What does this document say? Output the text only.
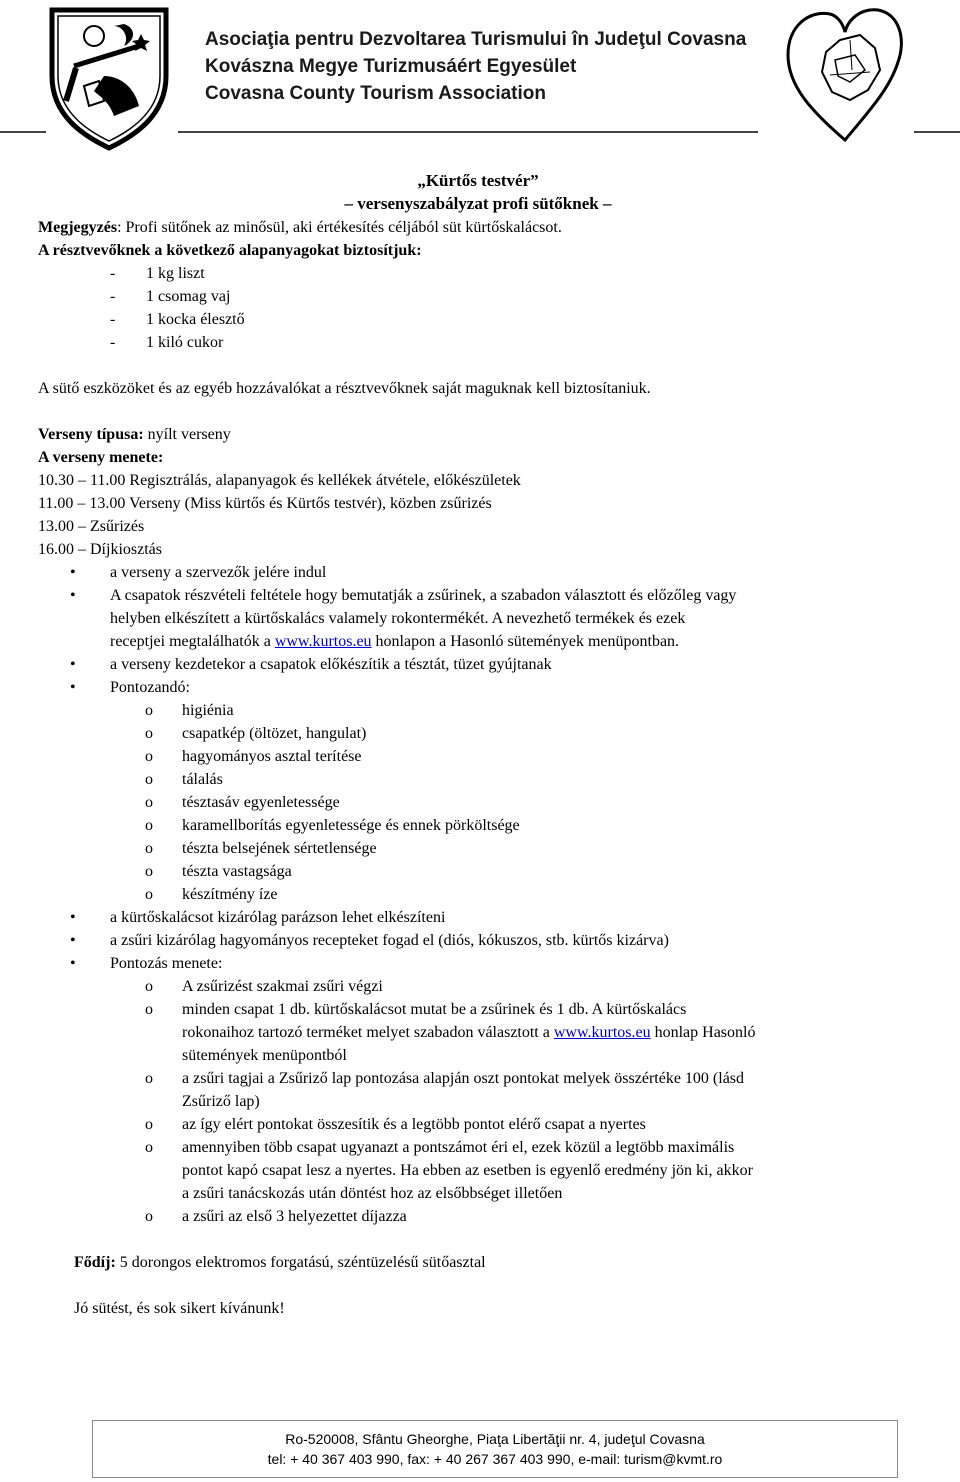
Asociaţia pentru Dezvoltarea Turismului în Judeţul Covasna
Kovászna Megye Turizmusáért Egyesület
Covasna County Tourism Association
„Kürtős testvér”
– versenyszabályzat profi sütőknek –
Megjegyzés: Profi sütőnek az minősül, aki értékesítés céljából süt kürtőskalácsot.
A résztvevőknek a következő alapanyagokat biztosítjuk:
- 1 kg liszt
- 1 csomag vaj
- 1 kocka élesztő
- 1 kiló cukor
A sütő eszközöket és az egyéb hozzávalókat a résztvevőknek saját maguknak kell biztosítaniuk.
Verseny típusa: nyílt verseny
A verseny menete:
10.30 – 11.00 Regisztrálás, alapanyagok és kellékek átvétele, előkészületek
11.00 – 13.00 Verseny (Miss kürtős és Kürtős testvér), közben zsűrizés
13.00 – Zsűrizés
16.00 – Díjkiosztás
• a verseny a szervezők jelére indul
• A csapatok részvételi feltétele hogy bemutatják a zsűrinek, a szabadon választott és előzőleg vagy
helyben elkészített a kürtőskalács valamely rokontermékét. A nevezhető termékek és ezek
receptjei megtalálhatók a www.kurtos.eu honlapon a Hasonló sütemények menüpontban.
• a verseny kezdetekor a csapatok előkészítik a tésztát, tüzet gyújtanak
• Pontozandó:
o higiénia
o csapatkép (öltözet, hangulat)
o hagyományos asztal terítése
o tálalás
o tésztasáv egyenletessége
o karamellborítás egyenletessége és ennek pörköltsége
o tészta belsejének sértetlensége
o tészta vastagsága
o készítmény íze
• a kürtőskalácsot kizárólag parázson lehet elkészíteni
• a zsűri kizárólag hagyományos recepteket fogad el (diós, kókuszos, stb. kürtős kizárva)
• Pontozás menete:
o A zsűrizést szakmai zsűri végzi
o minden csapat 1 db. kürtőskalácsot mutat be a zsűrinek és 1 db. A kürtőskalács
rokonaihoz tartozó terméket melyet szabadon választott a www.kurtos.eu honlap Hasonló
sütemények menüpontból
o a zsűri tagjai a Zsűriző lap pontozása alapján oszt pontokat melyek összértéke 100 (lásd
Zsűriző lap)
o az így elért pontokat összesítik és a legtöbb pontot elérő csapat a nyertes
o amennyiben több csapat ugyanazt a pontszámot éri el, ezek közül a legtöbb maximális
pontot kapó csapat lesz a nyertes. Ha ebben az esetben is egyenlő eredmény jön ki, akkor
a zsűri tanácskozás után döntést hoz az elsőbbséget illetően
o a zsűri az első 3 helyezettet díjazza
Fődíj: 5 dorongos elektromos forgatású, széntüzelésű sütőasztal
Jó sütést, és sok sikert kívánunk!
Ro-520008, Sfântu Gheorghe, Piaţa Libertăţii nr. 4, judeţul Covasna
tel: + 40 367 403 990, fax: + 40 267 367 403 990, e-mail: turism@kvmt.ro
